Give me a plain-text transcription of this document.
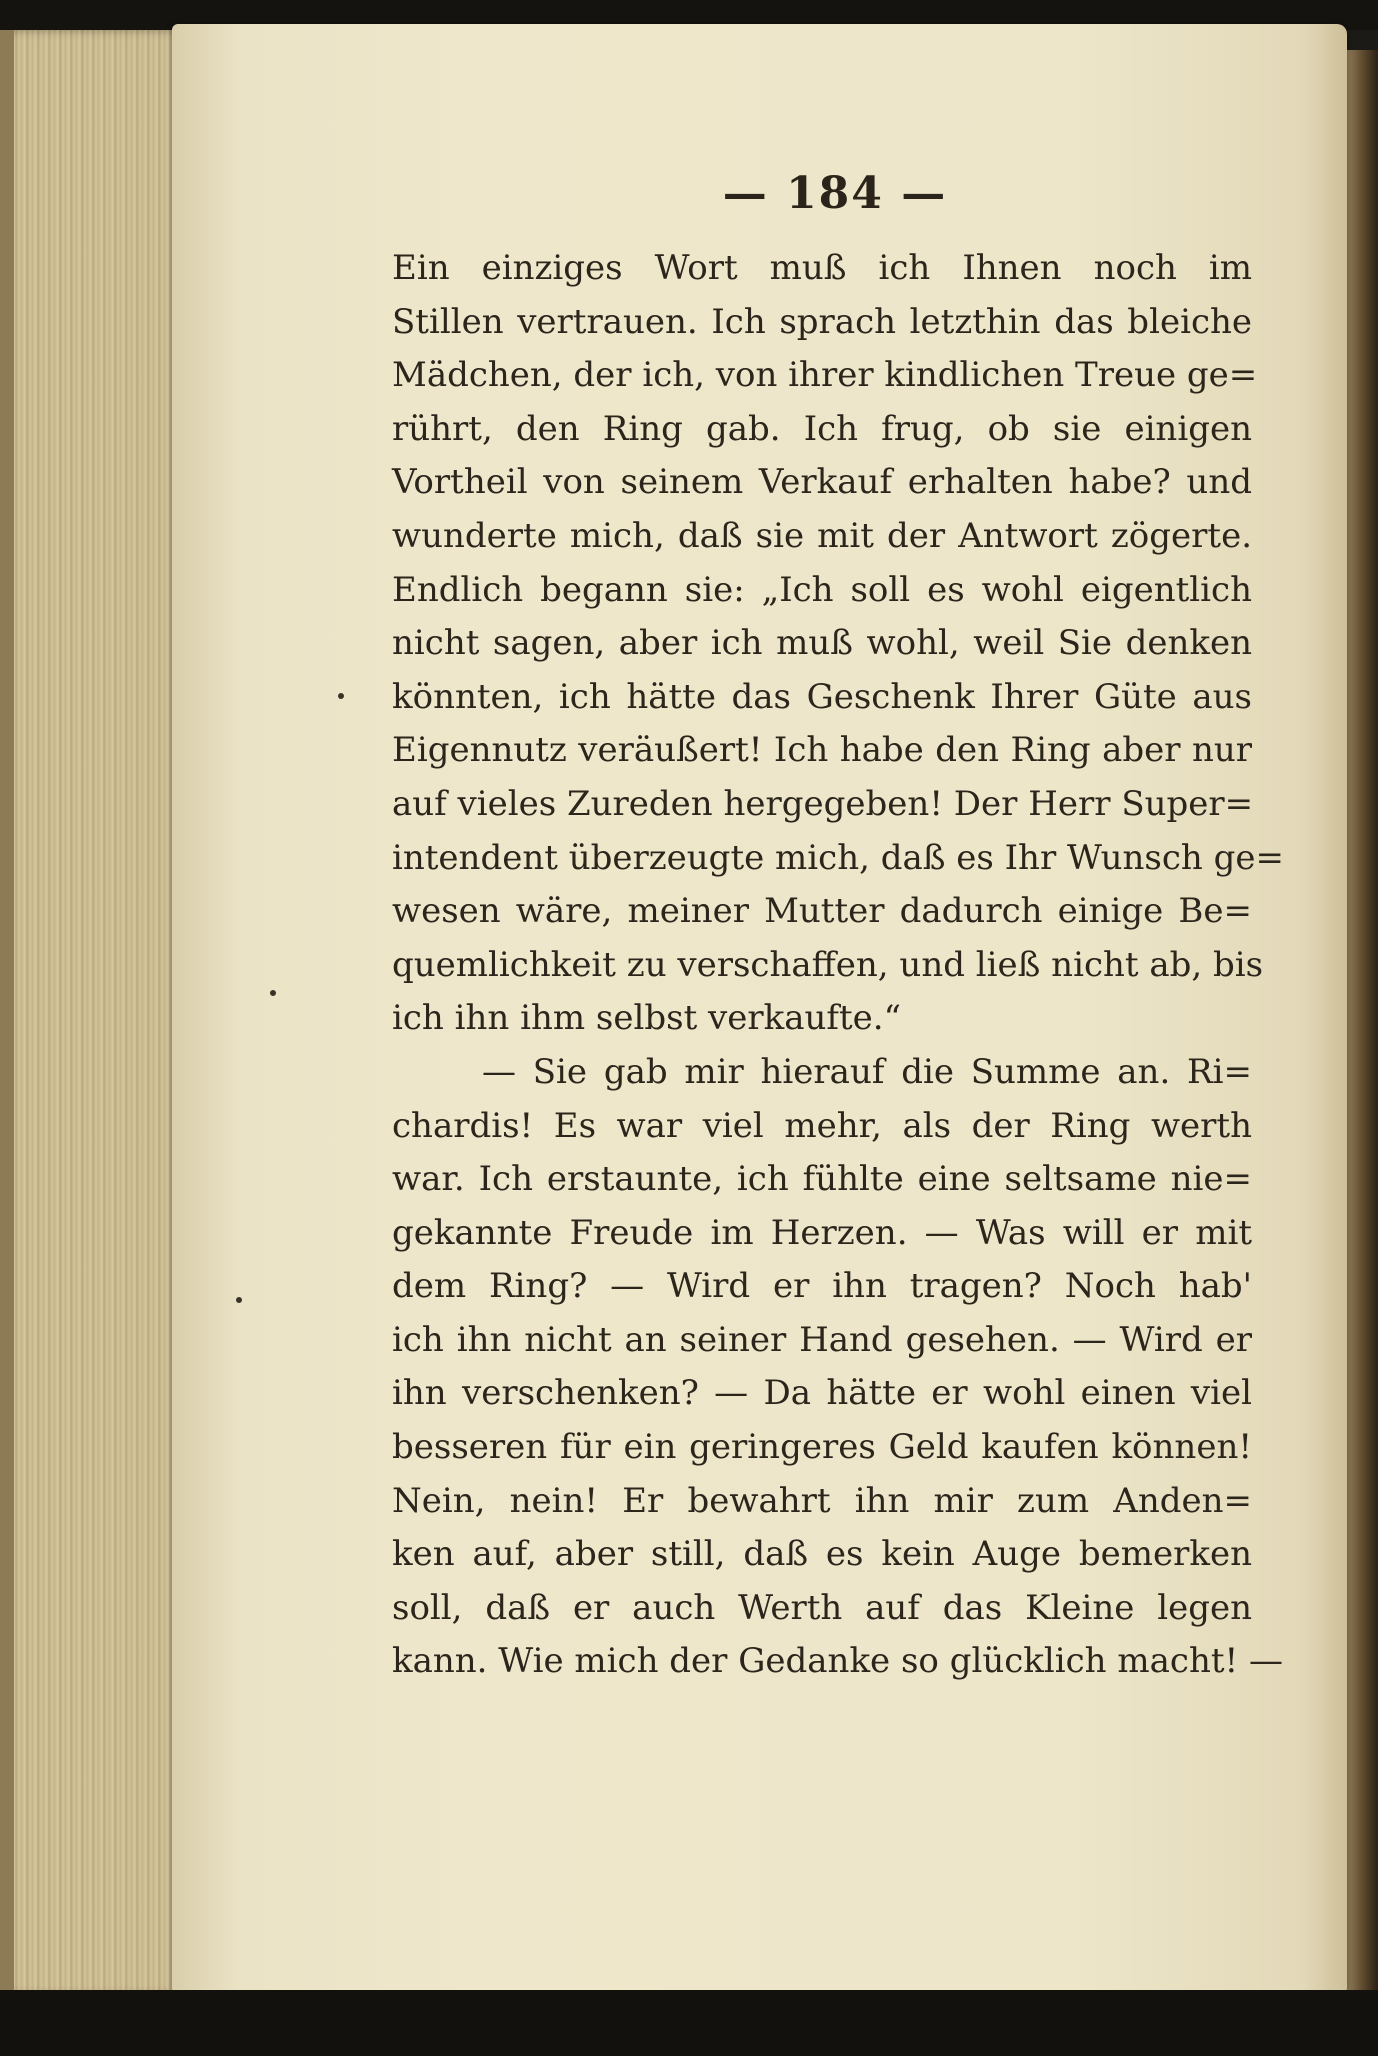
— 184 —
Ein einziges Wort muß ich Ihnen noch im
Stillen vertrauen. Ich sprach letzthin das bleiche
Mädchen, der ich, von ihrer kindlichen Treue ge=
rührt, den Ring gab. Ich frug, ob sie einigen
Vortheil von seinem Verkauf erhalten habe? und
wunderte mich, daß sie mit der Antwort zögerte.
Endlich begann sie: „Ich soll es wohl eigentlich
nicht sagen, aber ich muß wohl, weil Sie denken
könnten, ich hätte das Geschenk Ihrer Güte aus
Eigennutz veräußert! Ich habe den Ring aber nur
auf vieles Zureden hergegeben! Der Herr Super=
intendent überzeugte mich, daß es Ihr Wunsch ge=
wesen wäre, meiner Mutter dadurch einige Be=
quemlichkeit zu verschaffen, und ließ nicht ab, bis
ich ihn ihm selbst verkaufte.“
— Sie gab mir hierauf die Summe an. Ri=
chardis! Es war viel mehr, als der Ring werth
war. Ich erstaunte, ich fühlte eine seltsame nie=
gekannte Freude im Herzen. — Was will er mit
dem Ring? — Wird er ihn tragen? Noch hab'
ich ihn nicht an seiner Hand gesehen. — Wird er
ihn verschenken? — Da hätte er wohl einen viel
besseren für ein geringeres Geld kaufen können!
Nein, nein! Er bewahrt ihn mir zum Anden=
ken auf, aber still, daß es kein Auge bemerken
soll, daß er auch Werth auf das Kleine legen
kann. Wie mich der Gedanke so glücklich macht! —
